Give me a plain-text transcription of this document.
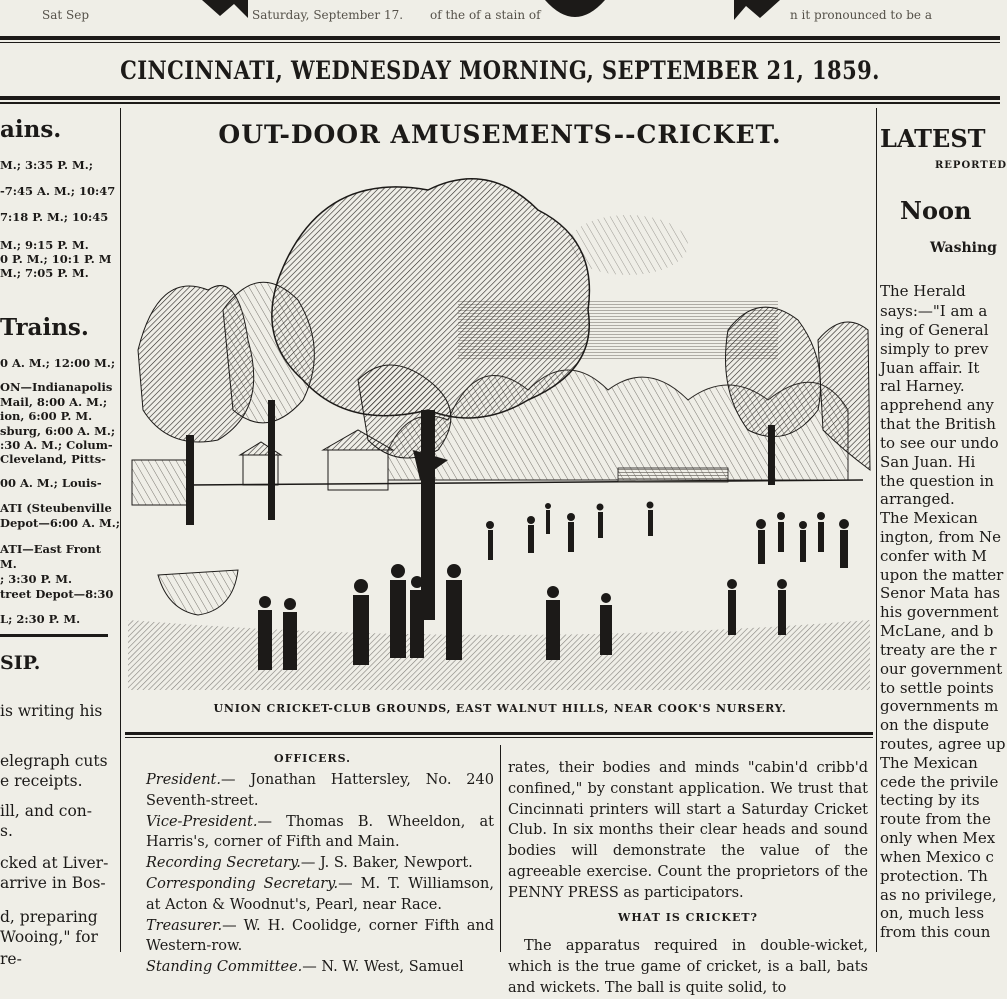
Sat Sep	Saturday, September 17. of the of a stain of	n it pronounced to be a
CINCINNATI, WEDNESDAY MORNING, SEPTEMBER 21, 1859.
ains.
M.; 3:35 P. M.;
-7:45 A. M.; 10:47
7:18 P. M.; 10:45
M.; 9:15 P. M.
0 P. M.; 10:1 P. M
M.; 7:05 P. M.
Trains.
0 A. M.; 12:00 M.;
ON—Indianapolis
Mail, 8:00 A. M.;
ion, 6:00 P. M.
sburg, 6:00 A. M.;
:30 A. M.; Colum-
Cleveland, Pitts-
00 A. M.; Louis-
ATI (Steubenville
Depot—6:00 A. M.;
ATI—East Front
M.
; 3:30 P. M.
treet Depot—8:30
L; 2:30 P. M.
SIP.
is writing his
elegraph cuts
e receipts.
ill, and con-
s.
cked at Liver-
arrive in Bos-
d, preparing
Wooing," for
re-
OUT-DOOR AMUSEMENTS--CRICKET.
UNION CRICKET-CLUB GROUNDS, EAST WALNUT HILLS, NEAR COOK'S NURSERY.
OFFICERS.

President.— Jonathan Hattersley, No. 240 Seventh-street.

Vice-President.— Thomas B. Wheeldon, at Harris's, corner of Fifth and Main.

Recording Secretary.— J. S. Baker, Newport.

Corresponding Secretary.— M. T. Williamson, at Acton & Woodnut's, Pearl, near Race.

Treasurer.— W. H. Coolidge, corner Fifth and Western-row.

Standing Committee.— N. W. West, Samuel

rates, their bodies and minds "cabin'd cribb'd confined," by constant application. We trust that Cincinnati printers will start a Saturday Cricket Club. In six months their clear heads and sound bodies will demonstrate the value of the agreeable exercise. Count the proprietors of the PENNY PRESS as participators.

WHAT IS CRICKET?

The apparatus required in double-wicket, which is the true game of cricket, is a ball, bats and wickets. The ball is quite solid, to

LATEST
REPORTED
Noon
Washing
The Herald
says:—"I am a
ing of General
simply to prev
Juan affair. It
ral Harney.
apprehend any
that the British
to see our undo
San Juan. Hi
the question in
arranged.
The Mexican
ington, from Ne
confer with M
upon the matter
Senor Mata has
his government
McLane, and b
treaty are the r
our government
to settle points
governments m
on the dispute
routes, agree up
The Mexican
cede the privile
tecting by its
route from the
only when Mex
when Mexico c
protection. Th
as no privilege,
on, much less
from this coun
